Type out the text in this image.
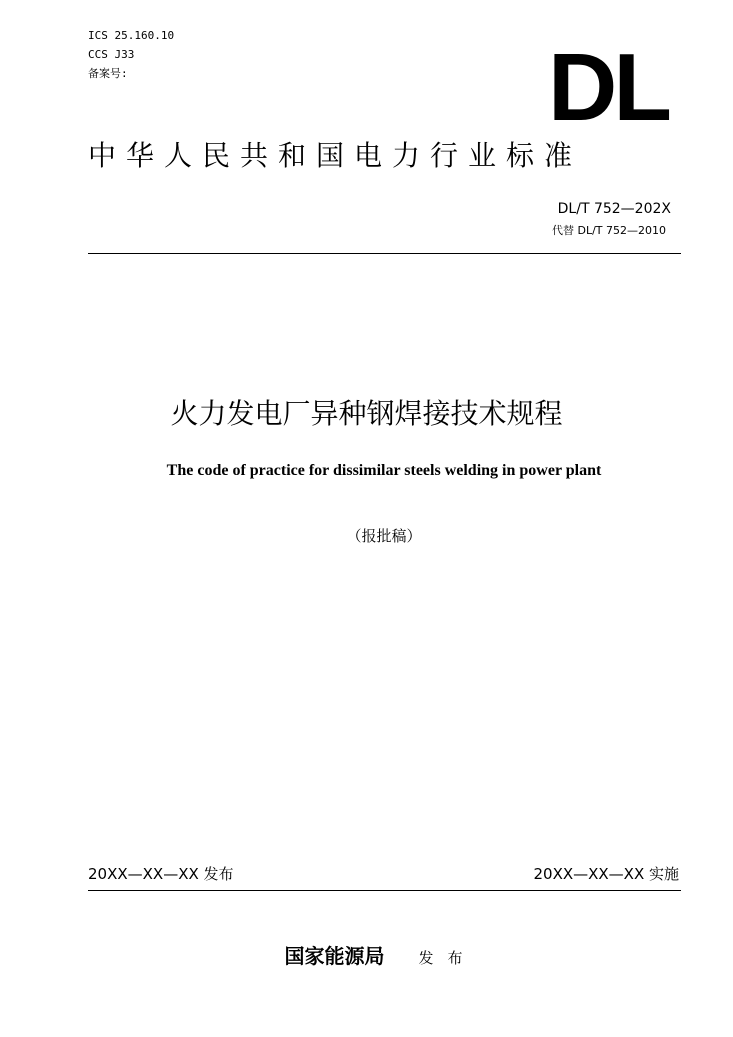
ICS 25.160.10
CCS J33
备案号:	DL
中华人民共和国电力行业标准
DL/T 752—202X
代替 DL/T 752—2010
火力发电厂异种钢焊接技术规程
The code of practice for dissimilar steels welding in power plant
（报批稿）
20XX—XX—XX 发布	20XX—XX—XX 实施
国家能源局 发布
